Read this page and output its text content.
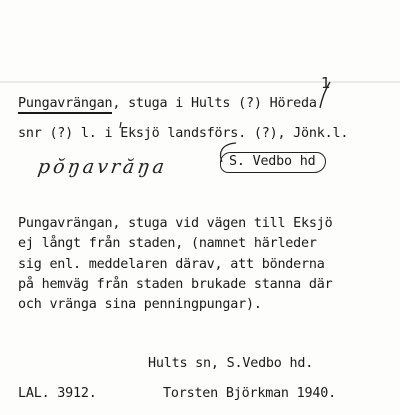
1
Pungavrängan
, stuga i Hults (?) Höreda
snr (?) l. i Eksjö landsförs. (?), Jönk.l.
pŏŋavrăŋa	S. Vedbo hd
Pungavrängan, stuga vid vägen till Eksjö
ej långt från staden, (namnet härleder
sig enl. meddelaren därav, att bönderna
på hemväg från staden brukade stanna där
och vränga sina penningpungar).
Hults sn, S.Vedbo hd.
LAL. 3912.	Torsten Björkman 1940.
